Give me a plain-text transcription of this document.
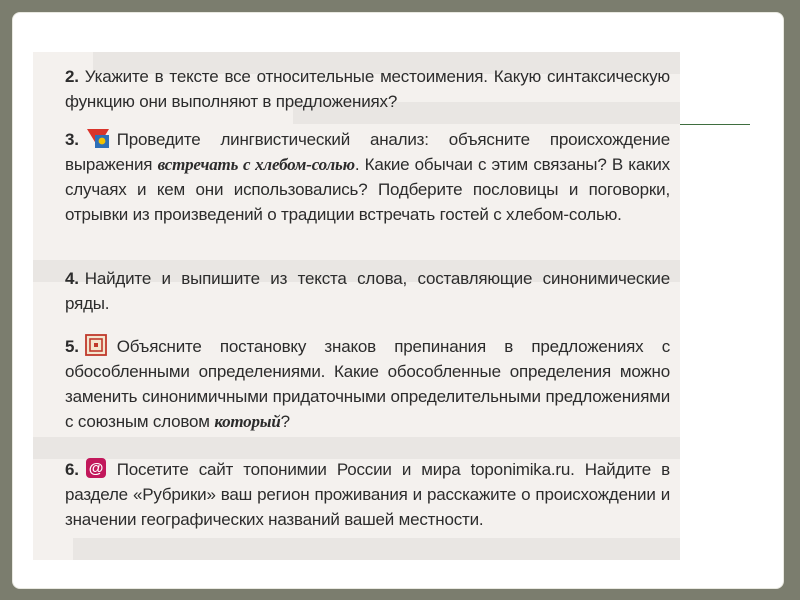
2. Укажите в тексте все относительные местоимения. Какую синтаксическую функцию они выполняют в предложениях?
3. Проведите лингвистический анализ: объясните происхождение выражения встречать с хлебом-солью. Какие обычаи с этим связаны? В каких случаях и кем они использовались? Подберите пословицы и поговорки, отрывки из произведений о традиции встречать гостей с хлебом-солью.
4. Найдите и выпишите из текста слова, составляющие синонимические ряды.
5. Объясните постановку знаков препинания в предложениях с обособленными определениями. Какие обособленные определения можно заменить синонимичными придаточными определительными предложениями с союзным словом который?
6. @ Посетите сайт топонимии России и мира toponimika.ru. Найдите в разделе «Рубрики» ваш регион проживания и расскажите о происхождении и значении географических названий вашей местности.
